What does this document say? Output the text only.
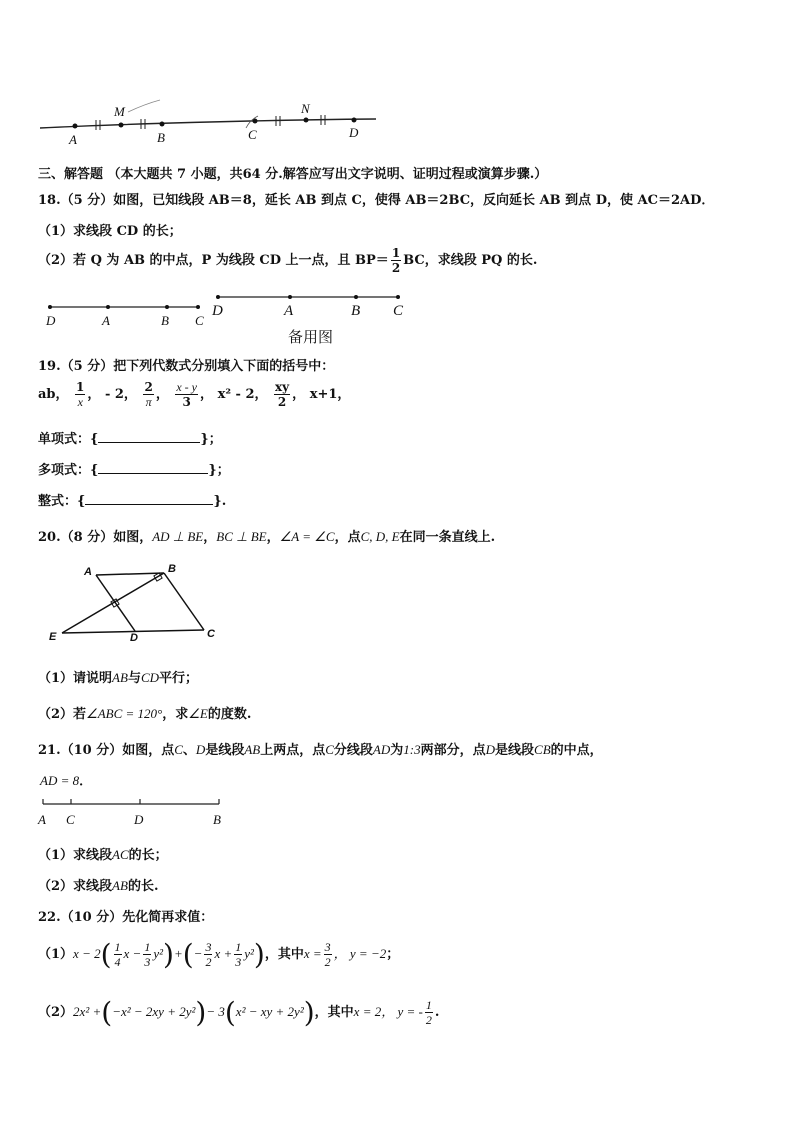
A
M
B	C
N
D
三、解答题 （本大题共 7 小题，共64 分.解答应写出文字说明、证明过程或演算步骤.）
18.（5 分）如图，已知线段 AB＝8，延长 AB 到点 C，使得 AB＝2BC，反向延长 AB 到点 D，使 AC＝2AD．
（1）求线段 CD 的长；
（2）若 Q 为 AB 的中点，P 为线段 CD 上一点，且 $BP= \frac{1}{2}$ BC，求线段 PQ 的长.
D	A	B C
D	A	B C
备用图
19.（5 分）把下列代数式分别填入下面的括号中：
ab， $\frac{1}{x}$ ， - 2， $\frac{2}{\pi}$ ， $\frac{x - y}{3}$ ， x² - 2， $\frac{xy}{2}$ ， x+1，
单项式：{	}；
多项式：{	}；
整式：{	}.
20.（8 分）如图，AD ⊥ BE，BC ⊥ BE，∠A = ∠C，点C, D, E在同一条直线上.
A	B
E	D	C
（1）请说明AB与CD平行；
（2）若∠ABC = 120°，求∠E的度数.
21.（10 分）如图，点C、D是线段AB上两点，点C分线段AD为1:3两部分，点D是线段CB的中点，
AD = 8．
A C	D	B
（1）求线段AC的长；
（2）求线段AB的长.
22.（10 分）先化简再求值：
$(1)x - 2( \frac{1}{4}$ $x - \frac{1}{3} y^2)+(- \frac{3}{2}$ $x + \frac{1}{3} y^2$)，其中$x = \frac{3}{2}$ ， y = −2；
（2）2x² +(−x² − 2xy + 2y²)− 3(x² − xy + 2y²)，其中x = 2， y = - $\frac{1}{2}$ .
